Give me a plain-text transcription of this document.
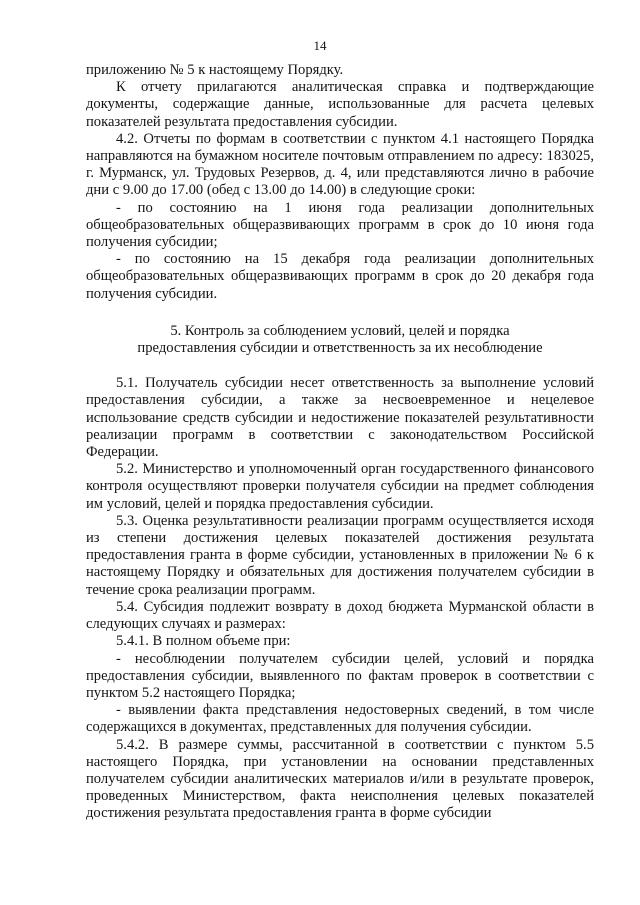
14

приложению № 5 к настоящему Порядку.

К отчету прилагаются аналитическая справка и подтверждающие документы, содержащие данные, использованные для расчета целевых показателей результата предоставления субсидии.

4.2. Отчеты по формам в соответствии с пунктом 4.1 настоящего Порядка направляются на бумажном носителе почтовым отправлением по адресу: 183025, г. Мурманск, ул. Трудовых Резервов, д. 4, или представляются лично в рабочие дни с 9.00 до 17.00 (обед с 13.00 до 14.00) в следующие сроки:

- по состоянию на 1 июня года реализации дополнительных общеобразовательных общеразвивающих программ в срок до 10 июня года получения субсидии;

- по состоянию на 15 декабря года реализации дополнительных общеобразовательных общеразвивающих программ в срок до 20 декабря года получения субсидии.

5. Контроль за соблюдением условий, целей и порядка
предоставления субсидии и ответственность за их несоблюдение

5.1. Получатель субсидии несет ответственность за выполнение условий предоставления субсидии, а также за несвоевременное и нецелевое использование средств субсидии и недостижение показателей результативности реализации программ в соответствии с законодательством Российской Федерации.

5.2. Министерство и уполномоченный орган государственного финансового контроля осуществляют проверки получателя субсидии на предмет соблюдения им условий, целей и порядка предоставления субсидии.

5.3. Оценка результативности реализации программ осуществляется исходя из степени достижения целевых показателей достижения результата предоставления гранта в форме субсидии, установленных в приложении № 6 к настоящему Порядку и обязательных для достижения получателем субсидии в течение срока реализации программ.

5.4. Субсидия подлежит возврату в доход бюджета Мурманской области в следующих случаях и размерах:

5.4.1. В полном объеме при:

- несоблюдении получателем субсидии целей, условий и порядка предоставления субсидии, выявленного по фактам проверок в соответствии с пунктом 5.2 настоящего Порядка;

- выявлении факта представления недостоверных сведений, в том числе содержащихся в документах, представленных для получения субсидии.

5.4.2. В размере суммы, рассчитанной в соответствии с пунктом 5.5 настоящего Порядка, при установлении на основании представленных получателем субсидии аналитических материалов и/или в результате проверок, проведенных Министерством, факта неисполнения целевых показателей достижения результата предоставления гранта в форме субсидии
